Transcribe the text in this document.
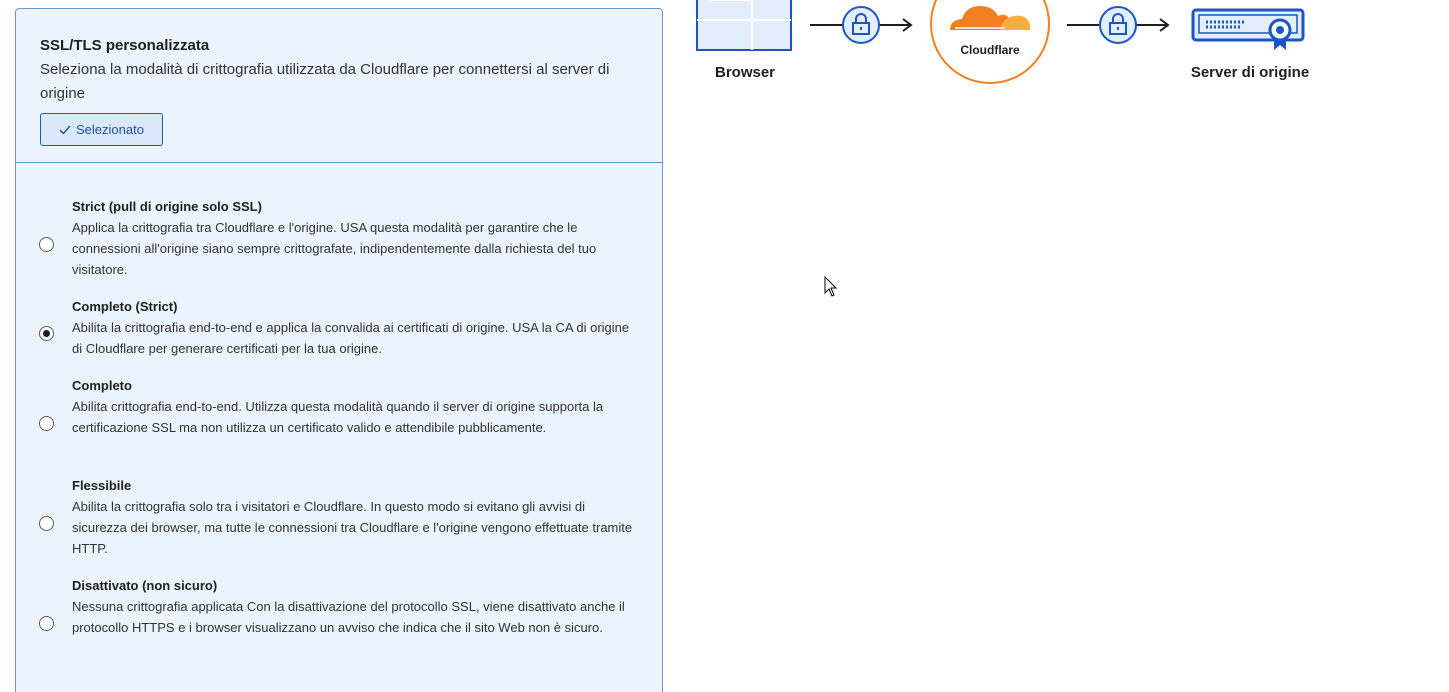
SSL/TLS personalizzata

Seleziona la modalità di crittografia utilizzata da Cloudflare per connettersi al server di origine

Selezionato
Strict (pull di origine solo SSL)
Applica la crittografia tra Cloudflare e l'origine. USA questa modalità per garantire che le connessioni all'origine siano sempre crittografate, indipendentemente dalla richiesta del tuo visitatore.
Completo (Strict)
Abilita la crittografia end-to-end e applica la convalida ai certificati di origine. USA la CA di origine di Cloudflare per generare certificati per la tua origine.
Completo
Abilita crittografia end-to-end. Utilizza questa modalità quando il server di origine supporta la certificazione SSL ma non utilizza un certificato valido e attendibile pubblicamente.
Flessibile
Abilita la crittografia solo tra i visitatori e Cloudflare. In questo modo si evitano gli avvisi di sicurezza dei browser, ma tutte le connessioni tra Cloudflare e l'origine vengono effettuate tramite HTTP.
Disattivato (non sicuro)
Nessuna crittografia applicata Con la disattivazione del protocollo SSL, viene disattivato anche il protocollo HTTPS e i browser visualizzano un avviso che indica che il sito Web non è sicuro.
Browser
Cloudflare
Server di origine
